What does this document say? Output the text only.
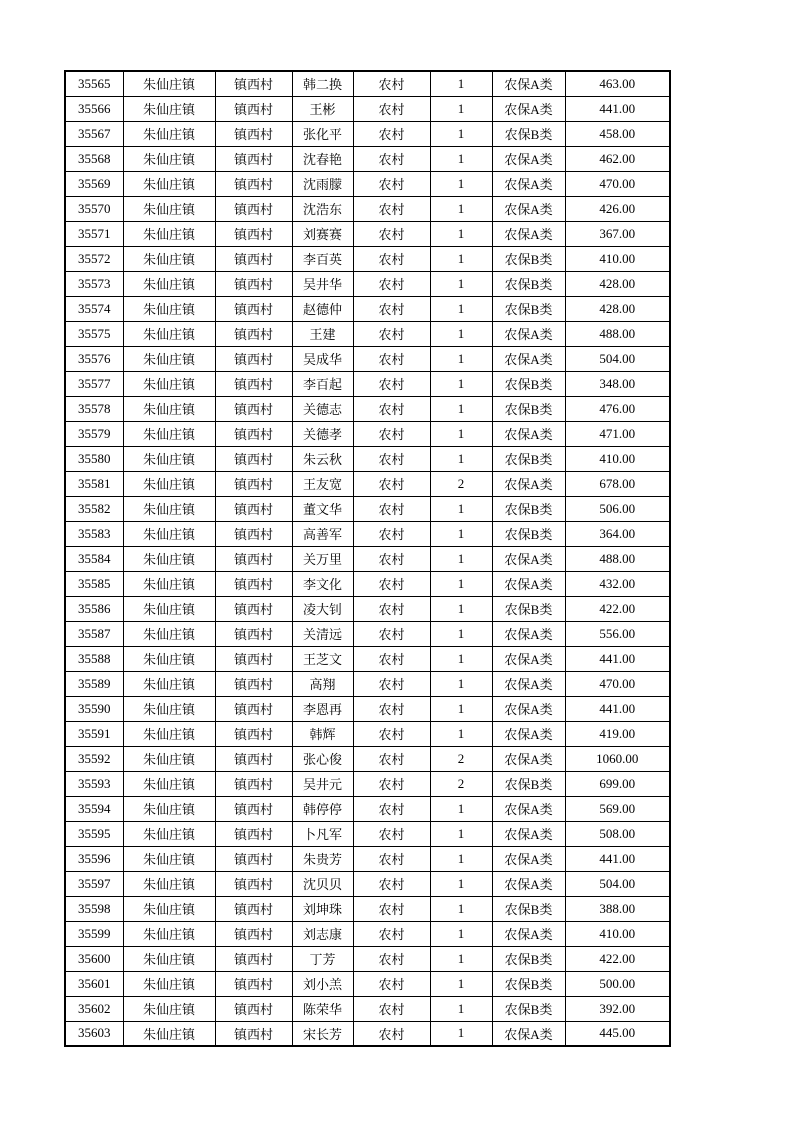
35565	朱仙庄镇	镇西村	韩二换	农村	1	农保A类	463.00
35566	朱仙庄镇	镇西村	王彬	农村	1	农保A类	441.00
35567	朱仙庄镇	镇西村	张化平	农村	1	农保B类	458.00
35568	朱仙庄镇	镇西村	沈春艳	农村	1	农保A类	462.00
35569	朱仙庄镇	镇西村	沈雨朦	农村	1	农保A类	470.00
35570	朱仙庄镇	镇西村	沈浩东	农村	1	农保A类	426.00
35571	朱仙庄镇	镇西村	刘赛赛	农村	1	农保A类	367.00
35572	朱仙庄镇	镇西村	李百英	农村	1	农保B类	410.00
35573	朱仙庄镇	镇西村	吴井华	农村	1	农保B类	428.00
35574	朱仙庄镇	镇西村	赵德仲	农村	1	农保B类	428.00
35575	朱仙庄镇	镇西村	王建	农村	1	农保A类	488.00
35576	朱仙庄镇	镇西村	吴成华	农村	1	农保A类	504.00
35577	朱仙庄镇	镇西村	李百起	农村	1	农保B类	348.00
35578	朱仙庄镇	镇西村	关德志	农村	1	农保B类	476.00
35579	朱仙庄镇	镇西村	关德孝	农村	1	农保A类	471.00
35580	朱仙庄镇	镇西村	朱云秋	农村	1	农保B类	410.00
35581	朱仙庄镇	镇西村	王友宽	农村	2	农保A类	678.00
35582	朱仙庄镇	镇西村	董文华	农村	1	农保B类	506.00
35583	朱仙庄镇	镇西村	高善军	农村	1	农保B类	364.00
35584	朱仙庄镇	镇西村	关万里	农村	1	农保A类	488.00
35585	朱仙庄镇	镇西村	李文化	农村	1	农保A类	432.00
35586	朱仙庄镇	镇西村	凌大钊	农村	1	农保B类	422.00
35587	朱仙庄镇	镇西村	关清远	农村	1	农保A类	556.00
35588	朱仙庄镇	镇西村	王芝文	农村	1	农保A类	441.00
35589	朱仙庄镇	镇西村	高翔	农村	1	农保A类	470.00
35590	朱仙庄镇	镇西村	李恩再	农村	1	农保A类	441.00
35591	朱仙庄镇	镇西村	韩辉	农村	1	农保A类	419.00
35592	朱仙庄镇	镇西村	张心俊	农村	2	农保A类	1060.00
35593	朱仙庄镇	镇西村	吴井元	农村	2	农保B类	699.00
35594	朱仙庄镇	镇西村	韩停停	农村	1	农保A类	569.00
35595	朱仙庄镇	镇西村	卜凡军	农村	1	农保A类	508.00
35596	朱仙庄镇	镇西村	朱贵芳	农村	1	农保A类	441.00
35597	朱仙庄镇	镇西村	沈贝贝	农村	1	农保A类	504.00
35598	朱仙庄镇	镇西村	刘坤珠	农村	1	农保B类	388.00
35599	朱仙庄镇	镇西村	刘志康	农村	1	农保A类	410.00
35600	朱仙庄镇	镇西村	丁芳	农村	1	农保B类	422.00
35601	朱仙庄镇	镇西村	刘小羔	农村	1	农保B类	500.00
35602	朱仙庄镇	镇西村	陈荣华	农村	1	农保B类	392.00
35603	朱仙庄镇	镇西村	宋长芳	农村	1	农保A类	445.00
